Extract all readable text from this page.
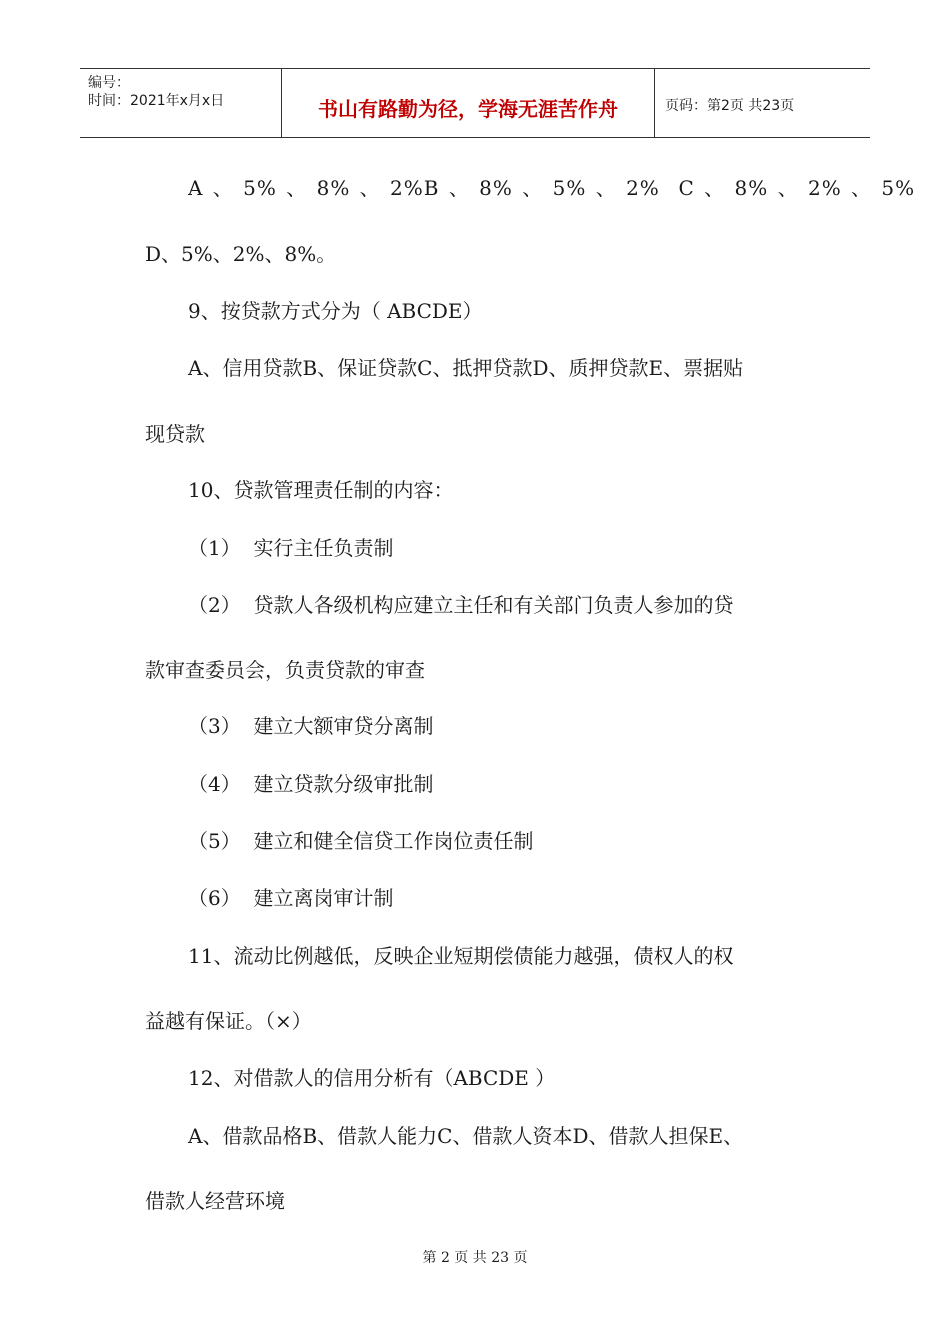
编号：
时间：2021年x月x日	书山有路勤为径，学海无涯苦作舟	页码：第2页 共23页
A 、 5% 、 8% 、 2%B 、 8% 、 5% 、 2%  C 、 8% 、 2% 、 5%
D、5%、2%、8%。
9、按贷款方式分为（ ABCDE）
A、信用贷款B、保证贷款C、抵押贷款D、质押贷款E、票据贴
现贷款
10、贷款管理责任制的内容：
（1）  实行主任负责制
（2）  贷款人各级机构应建立主任和有关部门负责人参加的贷
款审查委员会，负责贷款的审查
（3）  建立大额审贷分离制
（4）  建立贷款分级审批制
（5）  建立和健全信贷工作岗位责任制
（6）  建立离岗审计制
11、流动比例越低，反映企业短期偿债能力越强，债权人的权
益越有保证。（×）
12、对借款人的信用分析有（ABCDE ）
A、借款品格B、借款人能力C、借款人资本D、借款人担保E、
借款人经营环境
第 2 页 共 23 页
